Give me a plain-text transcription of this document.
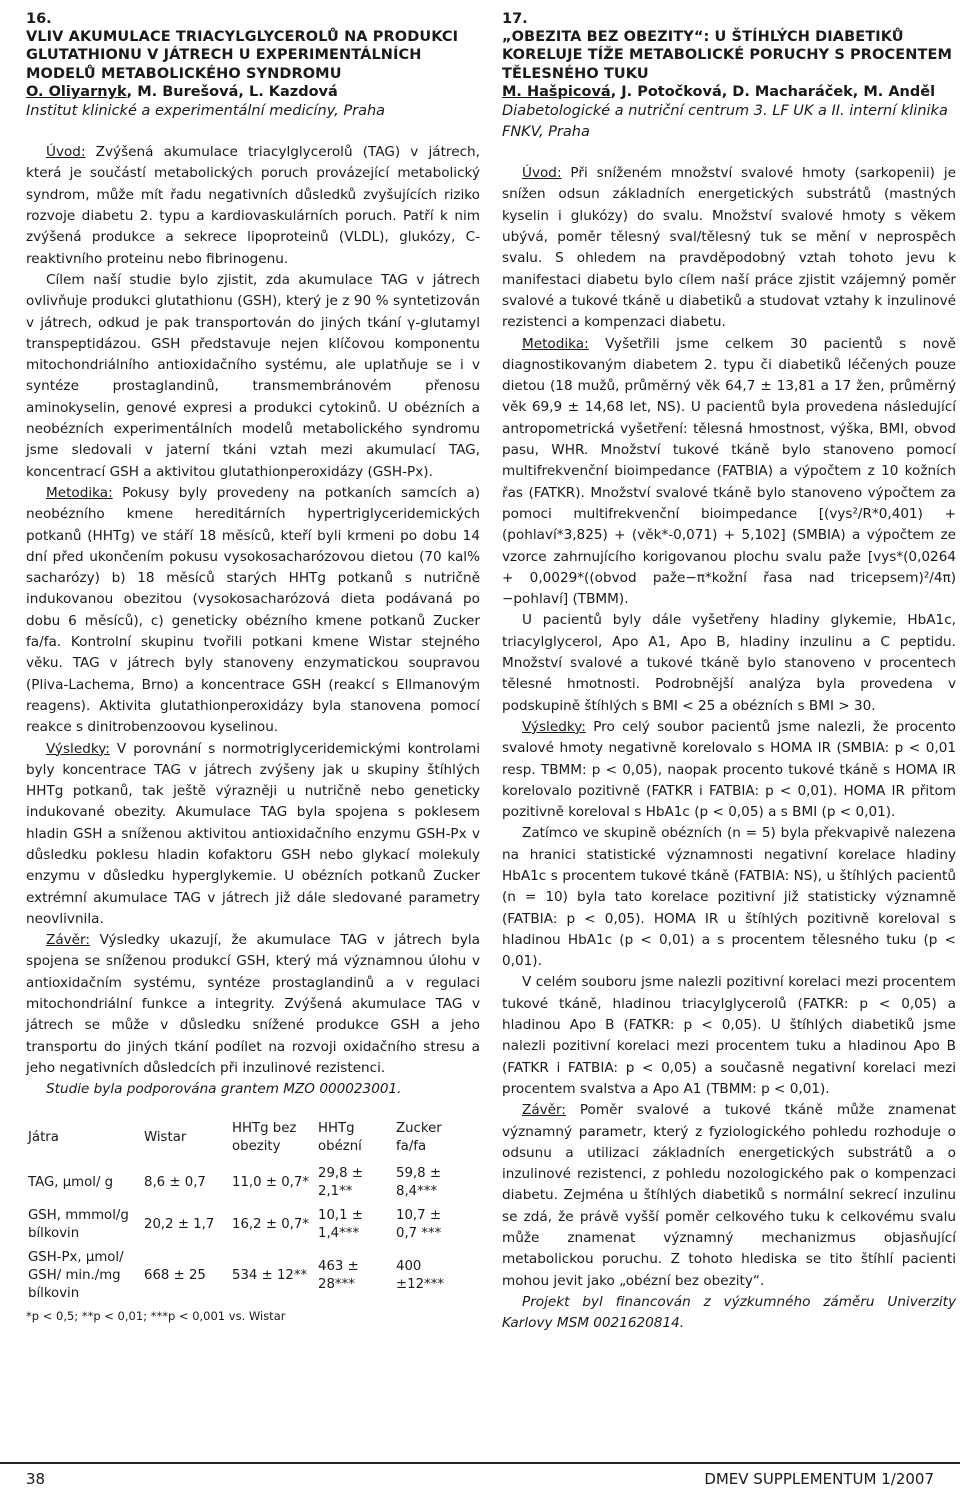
16.
VLIV AKUMULACE TRIACYLGLYCEROLŮ NA PRODUKCI GLUTATHIONU V JÁTRECH U EXPERIMENTÁLNÍCH MODELŮ METABOLICKÉHO SYNDROMU
O. Oliyarnyk, M. Burešová, L. Kazdová
Institut klinické a experimentální medicíny, Praha

Úvod: Zvýšená akumulace triacylglycerolů (TAG) v játrech, která je součástí metabolických poruch provázející metabolický syndrom, může mít řadu negativních důsledků zvyšujících riziko rozvoje diabetu 2. typu a kardiovaskulárních poruch. Patří k nim zvýšená produkce a sekrece lipoproteinů (VLDL), glukózy, C-reaktivního proteinu nebo fibrinogenu.

Cílem naší studie bylo zjistit, zda akumulace TAG v játrech ovlivňuje produkci glutathionu (GSH), který je z 90 % syntetizován v játrech, odkud je pak transportován do jiných tkání γ-glutamyl transpeptidázou. GSH představuje nejen klíčovou komponentu mitochondriálního antioxidačního systému, ale uplatňuje se i v syntéze prostaglandinů, transmembránovém přenosu aminokyselin, genové expresi a produkci cytokinů. U obézních a neobézních experimentálních modelů metabolického syndromu jsme sledovali v jaterní tkáni vztah mezi akumulací TAG, koncentrací GSH a aktivitou glutathionperoxidázy (GSH-Px).

Metodika: Pokusy byly provedeny na potkaních samcích a) neobézního kmene hereditárních hypertriglyceridemických potkanů (HHTg) ve stáří 18 měsíců, kteří byli krmeni po dobu 14 dní před ukončením pokusu vysokosacharózovou dietou (70 kal% sacharózy) b) 18 měsíců starých HHTg potkanů s nutričně indukovanou obezitou (vysokosacharózová dieta podávaná po dobu 6 měsíců), c) geneticky obézního kmene potkanů Zucker fa/fa. Kontrolní skupinu tvořili potkani kmene Wistar stejného věku. TAG v játrech byly stanoveny enzymatickou soupravou (Pliva-Lachema, Brno) a koncentrace GSH (reakcí s Ellmanovým reagens). Aktivita glutathionperoxidázy byla stanovena pomocí reakce s dinitrobenzoovou kyselinou.

Výsledky: V porovnání s normotriglyceridemickými kontrolami byly koncentrace TAG v játrech zvýšeny jak u skupiny štíhlých HHTg potkanů, tak ještě výrazněji u nutričně nebo geneticky indukované obezity. Akumulace TAG byla spojena s poklesem hladin GSH a sníženou aktivitou antioxidačního enzymu GSH-Px v důsledku poklesu hladin kofaktoru GSH nebo glykací molekuly enzymu v důsledku hyperglykemie. U obézních potkanů Zucker extrémní akumulace TAG v játrech již dále sledované parametry neovlivnila.

Závěr: Výsledky ukazují, že akumulace TAG v játrech byla spojena se sníženou produkcí GSH, který má významnou úlohu v antioxidačním systému, syntéze prostaglandinů a v regulaci mitochondriální funkce a integrity. Zvýšená akumulace TAG v játrech se může v důsledku snížené produkce GSH a jeho transportu do jiných tkání podílet na rozvoji oxidačního stresu a jeho negativních důsledcích při inzulinové rezistenci.

Studie byla podporována grantem MZO 000023001.

Játra	Wistar	HHTg bez obezity	HHTg obézní	Zucker fa/fa
TAG, μmol/ g	8,6 ± 0,7	11,0 ± 0,7*	29,8 ± 2,1**	59,8 ± 8,4***
GSH, mmmol/g bílkovin	20,2 ± 1,7	16,2 ± 0,7*	10,1 ± 1,4***	10,7 ± 0,7 ***
GSH-Px, μmol/ GSH/ min./mg bílkovin	668 ± 25	534 ± 12**	463 ± 28***	400 ±12***
*p < 0,5; **p < 0,01; ***p < 0,001 vs. Wistar
17.
„OBEZITA BEZ OBEZITY“: U ŠTÍHLÝCH DIABETIKŮ KORELUJE TÍŽE METABOLICKÉ PORUCHY S PROCENTEM TĚLESNÉHO TUKU
M. Hašpicová, J. Potočková, D. Macharáček, M. Anděl
Diabetologické a nutriční centrum 3. LF UK a II. interní klinika FNKV, Praha

Úvod: Při sníženém množství svalové hmoty (sarkopenii) je snížen odsun základních energetických substrátů (mastných kyselin i glukózy) do svalu. Množství svalové hmoty s věkem ubývá, poměr tělesný sval/tělesný tuk se mění v neprospěch svalu. S ohledem na pravděpodobný vztah tohoto jevu k manifestaci diabetu bylo cílem naší práce zjistit vzájemný poměr svalové a tukové tkáně u diabetiků a studovat vztahy k inzulinové rezistenci a kompenzaci diabetu.

Metodika: Vyšetřili jsme celkem 30 pacientů s nově diagnostikovaným diabetem 2. typu či diabetiků léčených pouze dietou (18 mužů, průměrný věk 64,7 ± 13,81 a 17 žen, průměrný věk 69,9 ± 14,68 let, NS). U pacientů byla provedena následující antropometrická vyšetření: tělesná hmostnost, výška, BMI, obvod pasu, WHR. Množství tukové tkáně bylo stanoveno pomocí multifrekvenční bioimpedance (FATBIA) a výpočtem z 10 kožních řas (FATKR). Množství svalové tkáně bylo stanoveno výpočtem za pomoci multifrekvenční bioimpedance [(vys²/R*0,401) + (pohlaví*3,825) + (věk*-0,071) + 5,102] (SMBIA) a výpočtem ze vzorce zahrnujícího korigovanou plochu svalu paže [vys*(0,0264 + 0,0029*((obvod paže−π*kožní řasa nad tricepsem)²/4π)−pohlaví] (TBMM).

U pacientů byly dále vyšetřeny hladiny glykemie, HbA1c, triacylglycerol, Apo A1, Apo B, hladiny inzulinu a C peptidu. Množství svalové a tukové tkáně bylo stanoveno v procentech tělesné hmotnosti. Podrobnější analýza byla provedena v podskupině štíhlých s BMI < 25 a obézních s BMI > 30.

Výsledky: Pro celý soubor pacientů jsme nalezli, že procento svalové hmoty negativně korelovalo s HOMA IR (SMBIA: p < 0,01 resp. TBMM: p < 0,05), naopak procento tukové tkáně s HOMA IR korelovalo pozitivně (FATKR i FATBIA: p < 0,01). HOMA IR přitom pozitivně koreloval s HbA1c (p < 0,05) a s BMI (p < 0,01).

Zatímco ve skupině obézních (n = 5) byla překvapivě nalezena na hranici statistické významnosti negativní korelace hladiny HbA1c s procentem tukové tkáně (FATBIA: NS), u štíhlých pacientů (n = 10) byla tato korelace pozitivní již statisticky významně (FATBIA: p < 0,05). HOMA IR u štíhlých pozitivně koreloval s hladinou HbA1c (p < 0,01) a s procentem tělesného tuku (p < 0,01).

V celém souboru jsme nalezli pozitivní korelaci mezi procentem tukové tkáně, hladinou triacylglycerolů (FATKR: p < 0,05) a hladinou Apo B (FATKR: p < 0,05). U štíhlých diabetiků jsme nalezli pozitivní korelaci mezi procentem tuku a hladinou Apo B (FATKR i FATBIA: p < 0,05) a současně negativní korelaci mezi procentem svalstva a Apo A1 (TBMM: p < 0,01).

Závěr: Poměr svalové a tukové tkáně může znamenat významný parametr, který z fyziologického pohledu rozhoduje o odsunu a utilizaci základních energetických substrátů a o inzulinové rezistenci, z pohledu nozologického pak o kompenzaci diabetu. Zejména u štíhlých diabetiků s normální sekrecí inzulinu se zdá, že právě vyšší poměr celkového tuku k celkovému svalu může znamenat významný mechanizmus objasňující metabolickou poruchu. Z tohoto hlediska se tito štíhlí pacienti mohou jevit jako „obézní bez obezity“.

Projekt byl financován z výzkumného záměru Univerzity Karlovy MSM 0021620814.

38	DMEV SUPPLEMENTUM 1/2007
